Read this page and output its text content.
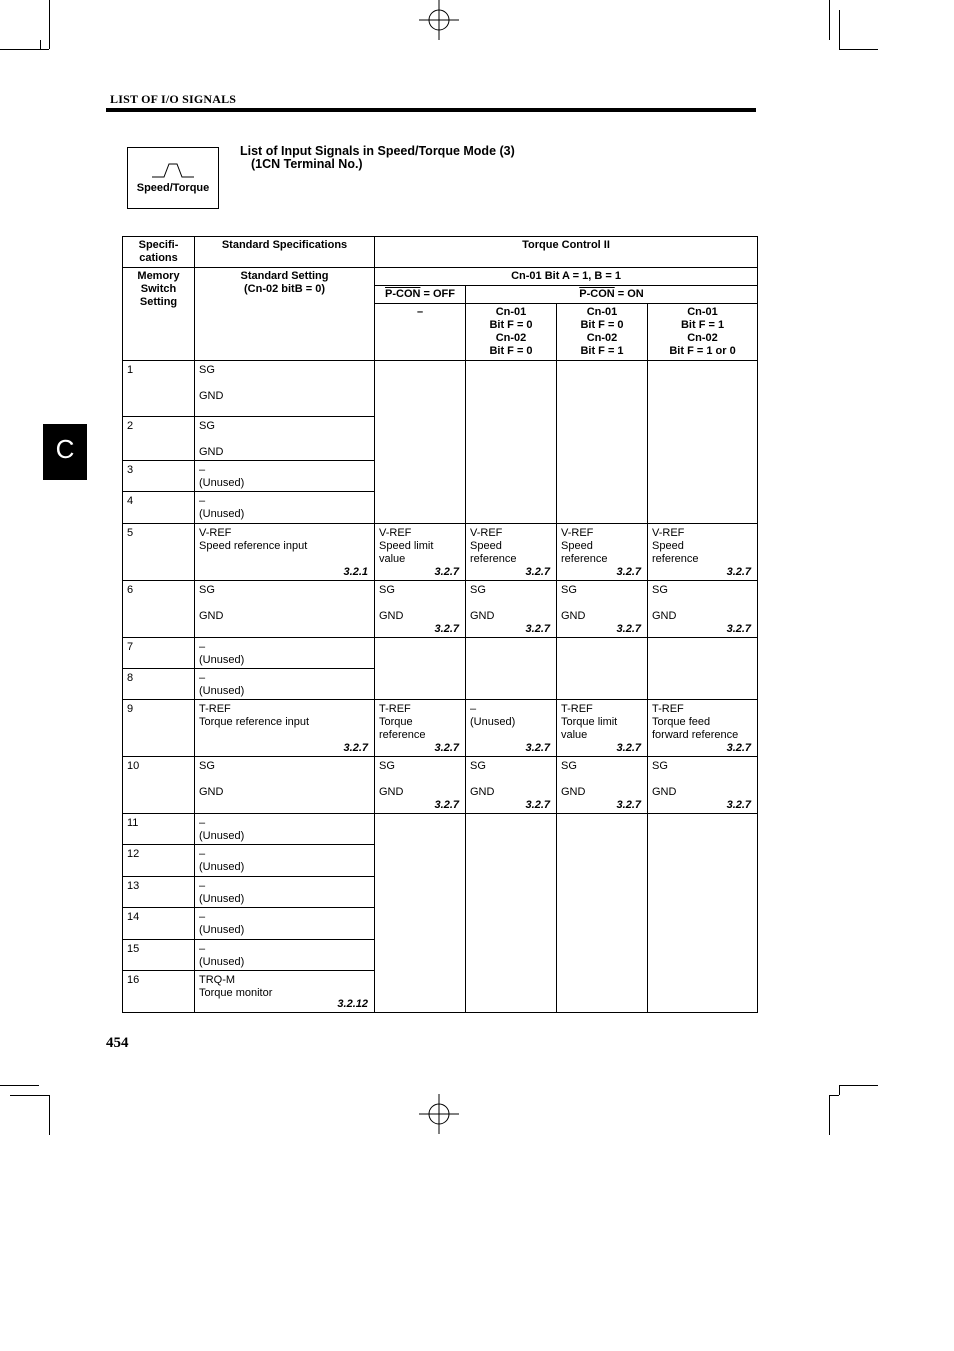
LIST OF I/O SIGNALS
Speed/Torque
List of Input Signals in Speed/Torque Mode (3)
(1CN Terminal No.)
C
Specifi-
cations	Standard Specifications	Torque Control II			
Memory
Switch
Setting	Standard Setting
(Cn-02 bitB = 0)	Cn-01 Bit A = 1, B = 1			
		P-CON = OFF	P-CON = ON		
		–	Cn-01
Bit F = 0
Cn-02
Bit F = 0	Cn-01
Bit F = 0
Cn-02
Bit F = 1	Cn-01
Bit F = 1
Cn-02
Bit F = 1 or 0
1	SG
GND				

2	SG
GND				

3	–
(Unused)				

4	–
(Unused)				

5	V-REF
Speed reference input
3.2.1	V-REF
Speed limit
value
3.2.7	V-REF
Speed
reference
3.2.7	V-REF
Speed
reference
3.2.7	V-REF
Speed
reference
3.2.7

6	SG
GND	SG
GND
3.2.7	SG
GND
3.2.7	SG
GND
3.2.7	SG
GND
3.2.7

7	–
(Unused)				

8	–
(Unused)				

9	T-REF
Torque reference input
3.2.7	T-REF
Torque
reference
3.2.7	–
(Unused)
3.2.7	T-REF
Torque limit
value
3.2.7	T-REF
Torque feed
forward reference
3.2.7

10	SG
GND	SG
GND
3.2.7	SG
GND
3.2.7	SG
GND
3.2.7	SG
GND
3.2.7

11	–
(Unused)				

12	–
(Unused)				

13	–
(Unused)				

14	–
(Unused)				

15	–
(Unused)				

16	TRQ-M
Torque monitor
3.2.12				
454
